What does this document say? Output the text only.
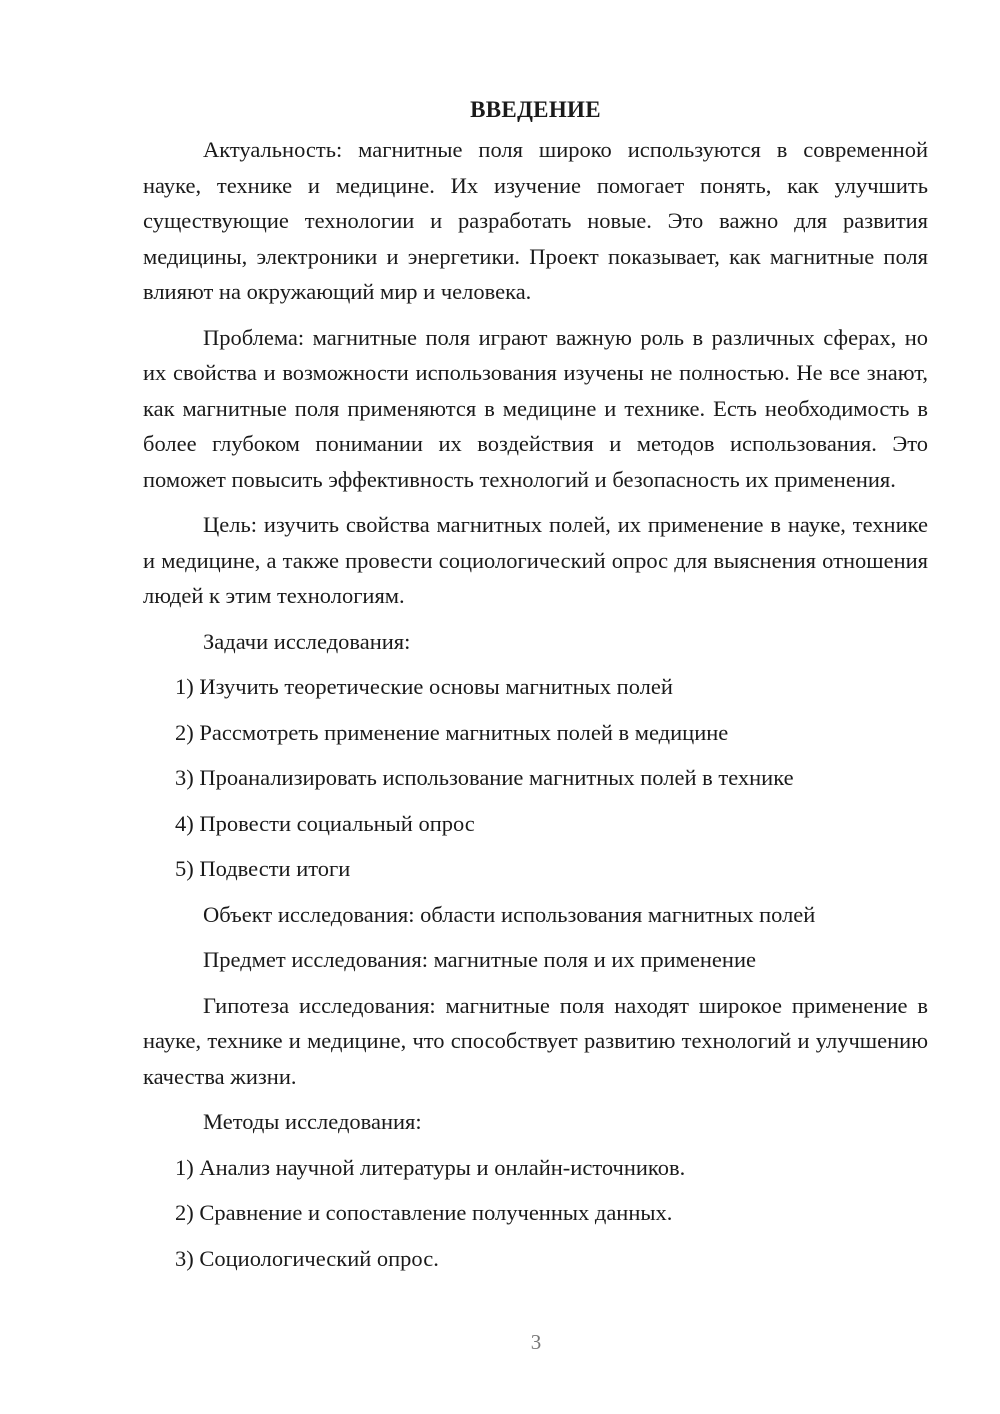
ВВЕДЕНИЕ

Актуальность: магнитные поля широко используются в современной науке, технике и медицине. Их изучение помогает понять, как улучшить существующие технологии и разработать новые. Это важно для развития медицины, электроники и энергетики. Проект показывает, как магнитные поля влияют на окружающий мир и человека.

Проблема: магнитные поля играют важную роль в различных сферах, но их свойства и возможности использования изучены не полностью. Не все знают, как магнитные поля применяются в медицине и технике. Есть необходимость в более глубоком понимании их воздействия и методов использования. Это поможет повысить эффективность технологий и безопасность их применения.

Цель: изучить свойства магнитных полей, их применение в науке, технике и медицине, а также провести социологический опрос для выяснения отношения людей к этим технологиям.

Задачи исследования:
1) Изучить теоретические основы магнитных полей
2) Рассмотреть применение магнитных полей в медицине
3) Проанализировать использование магнитных полей в технике
4) Провести социальный опрос
5) Подвести итоги
Объект исследования: области использования магнитных полей
Предмет исследования: магнитные поля и их применение

Гипотеза исследования: магнитные поля находят широкое применение в науке, технике и медицине, что способствует развитию технологий и улучшению качества жизни.

Методы исследования:
1) Анализ научной литературы и онлайн-источников.
2) Сравнение и сопоставление полученных данных.
3) Социологический опрос.
3
